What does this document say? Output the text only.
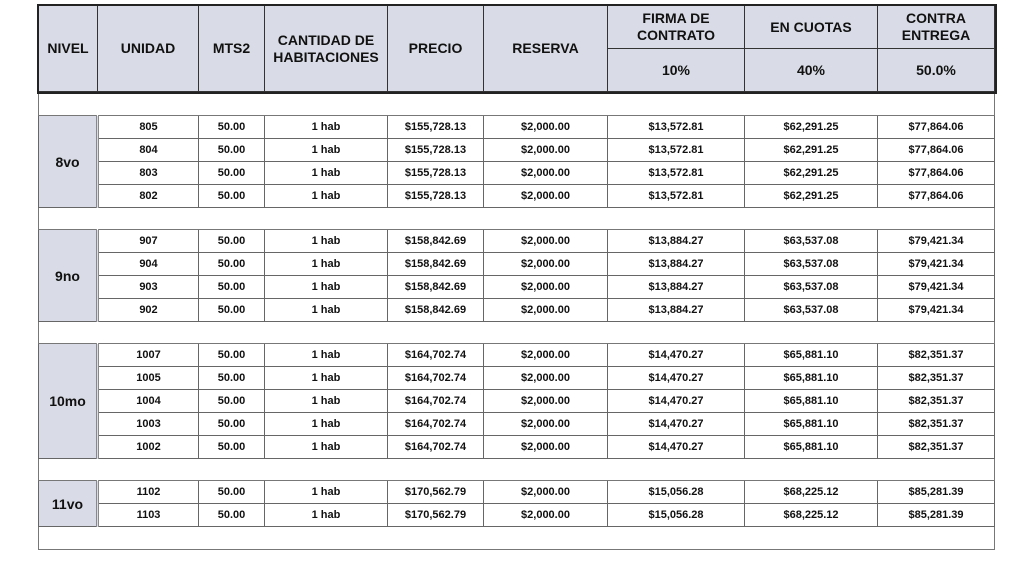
NIVEL	UNIDAD	MTS2	CANTIDAD DE HABITACIONES	PRECIO	RESERVA	FIRMA DE CONTRATO	EN CUOTAS	CONTRA ENTREGA
						10%	40%	50.0%

8vo	805	50.00	1 hab	$155,728.13	$2,000.00	$13,572.81	$62,291.25	$77,864.06
	804	50.00	1 hab	$155,728.13	$2,000.00	$13,572.81	$62,291.25	$77,864.06
	803	50.00	1 hab	$155,728.13	$2,000.00	$13,572.81	$62,291.25	$77,864.06
	802	50.00	1 hab	$155,728.13	$2,000.00	$13,572.81	$62,291.25	$77,864.06

9no	907	50.00	1 hab	$158,842.69	$2,000.00	$13,884.27	$63,537.08	$79,421.34
	904	50.00	1 hab	$158,842.69	$2,000.00	$13,884.27	$63,537.08	$79,421.34
	903	50.00	1 hab	$158,842.69	$2,000.00	$13,884.27	$63,537.08	$79,421.34
	902	50.00	1 hab	$158,842.69	$2,000.00	$13,884.27	$63,537.08	$79,421.34

10mo	1007	50.00	1 hab	$164,702.74	$2,000.00	$14,470.27	$65,881.10	$82,351.37
	1005	50.00	1 hab	$164,702.74	$2,000.00	$14,470.27	$65,881.10	$82,351.37
	1004	50.00	1 hab	$164,702.74	$2,000.00	$14,470.27	$65,881.10	$82,351.37
	1003	50.00	1 hab	$164,702.74	$2,000.00	$14,470.27	$65,881.10	$82,351.37
	1002	50.00	1 hab	$164,702.74	$2,000.00	$14,470.27	$65,881.10	$82,351.37

11vo	1102	50.00	1 hab	$170,562.79	$2,000.00	$15,056.28	$68,225.12	$85,281.39
	1103	50.00	1 hab	$170,562.79	$2,000.00	$15,056.28	$68,225.12	$85,281.39
